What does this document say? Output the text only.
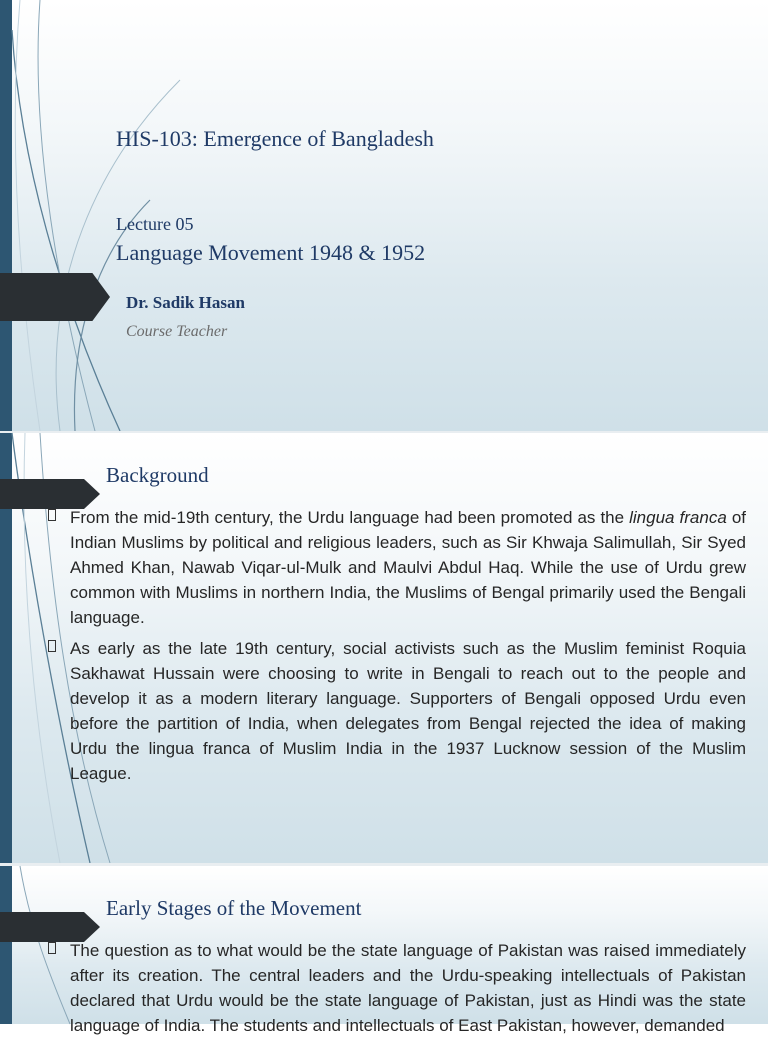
HIS-103: Emergence of Bangladesh
Lecture 05
Language Movement 1948 & 1952
Dr. Sadik Hasan
Course Teacher
Background
From the mid-19th century, the Urdu language had been promoted as the lingua franca of Indian Muslims by political and religious leaders, such as Sir Khwaja Salimullah, Sir Syed Ahmed Khan, Nawab Viqar-ul-Mulk and Maulvi Abdul Haq. While the use of Urdu grew common with Muslims in northern India, the Muslims of Bengal primarily used the Bengali language.
As early as the late 19th century, social activists such as the Muslim feminist Roquia Sakhawat Hussain were choosing to write in Bengali to reach out to the people and develop it as a modern literary language. Supporters of Bengali opposed Urdu even before the partition of India, when delegates from Bengal rejected the idea of making Urdu the lingua franca of Muslim India in the 1937 Lucknow session of the Muslim League.
Early Stages of the Movement
The question as to what would be the state language of Pakistan was raised immediately after its creation. The central leaders and the Urdu-speaking intellectuals of Pakistan declared that Urdu would be the state language of Pakistan, just as Hindi was the state language of India. The students and intellectuals of East Pakistan, however, demanded
